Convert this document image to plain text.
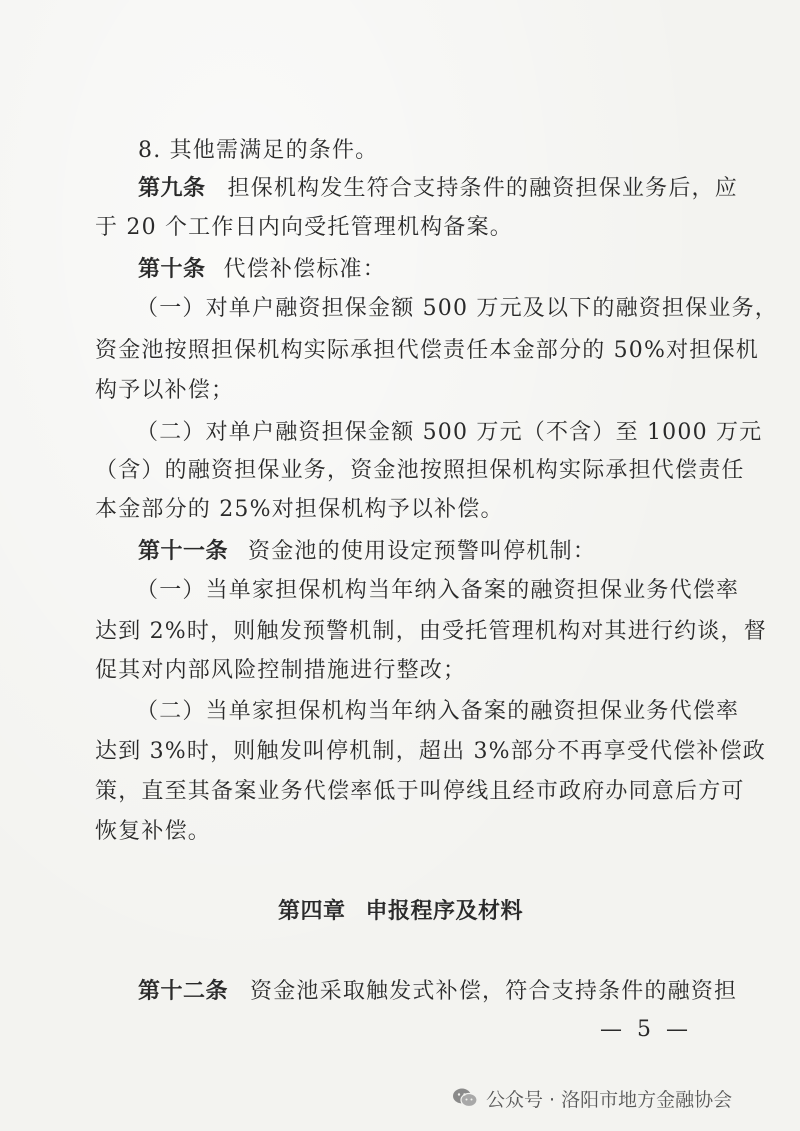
8. 其他需满足的条件。
第九条 担保机构发生符合支持条件的融资担保业务后，应
于 20 个工作日内向受托管理机构备案。
第十条 代偿补偿标准：
（一）对单户融资担保金额 500 万元及以下的融资担保业务，
资金池按照担保机构实际承担代偿责任本金部分的 50%对担保机
构予以补偿；
（二）对单户融资担保金额 500 万元（不含）至 1000 万元
（含）的融资担保业务，资金池按照担保机构实际承担代偿责任
本金部分的 25%对担保机构予以补偿。
第十一条 资金池的使用设定预警叫停机制：
（一）当单家担保机构当年纳入备案的融资担保业务代偿率
达到 2%时，则触发预警机制，由受托管理机构对其进行约谈，督
促其对内部风险控制措施进行整改；
（二）当单家担保机构当年纳入备案的融资担保业务代偿率
达到 3%时，则触发叫停机制，超出 3%部分不再享受代偿补偿政
策，直至其备案业务代偿率低于叫停线且经市政府办同意后方可
恢复补偿。
第四章 申报程序及材料
第十二条 资金池采取触发式补偿，符合支持条件的融资担
— 5 —
公众号 · 洛阳市地方金融协会
